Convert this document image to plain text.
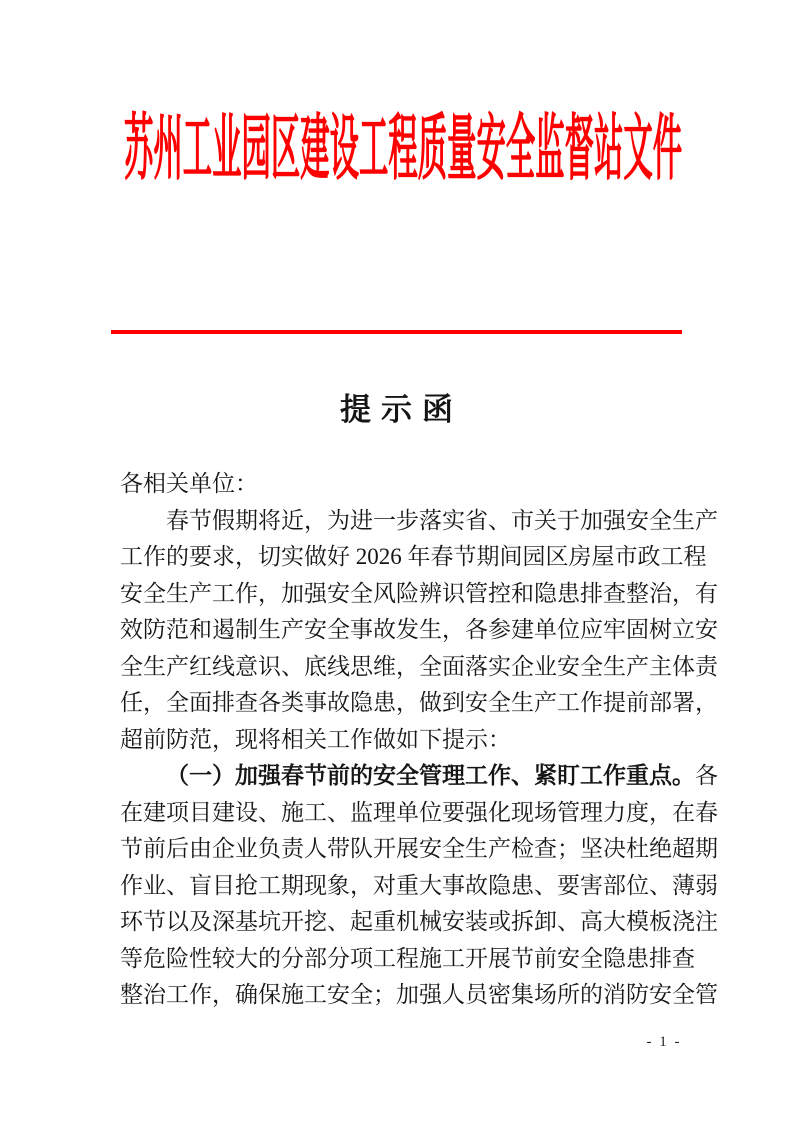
苏州工业园区建设工程质量安全监督站文件
提示函
各相关单位：
春节假期将近，为进一步落实省、市关于加强安全生产
工作的要求，切实做好 2026 年春节期间园区房屋市政工程
安全生产工作，加强安全风险辨识管控和隐患排查整治，有
效防范和遏制生产安全事故发生，各参建单位应牢固树立安
全生产红线意识、底线思维，全面落实企业安全生产主体责
任，全面排查各类事故隐患，做到安全生产工作提前部署，
超前防范，现将相关工作做如下提示：
（一）加强春节前的安全管理工作、紧盯工作重点。各
在建项目建设、施工、监理单位要强化现场管理力度，在春
节前后由企业负责人带队开展安全生产检查；坚决杜绝超期
作业、盲目抢工期现象，对重大事故隐患、要害部位、薄弱
环节以及深基坑开挖、起重机械安装或拆卸、高大模板浇注
等危险性较大的分部分项工程施工开展节前安全隐患排查
整治工作，确保施工安全；加强人员密集场所的消防安全管
- 1 -
